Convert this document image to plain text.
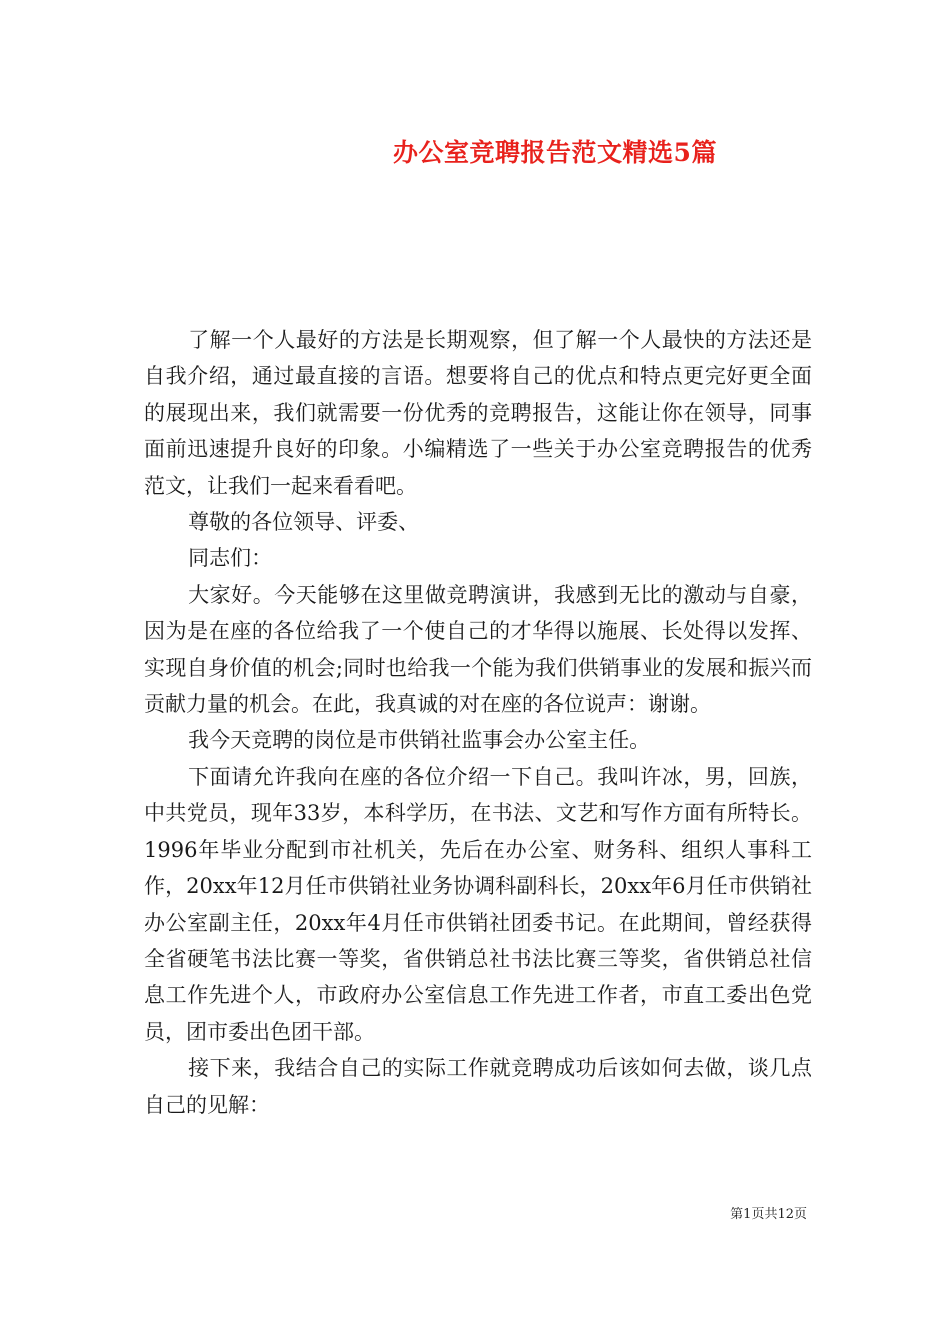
办公室竞聘报告范文精选5篇

了解一个人最好的方法是长期观察，但了解一个人最快的方法还是自我介绍，通过最直接的言语。想要将自己的优点和特点更完好更全面的展现出来，我们就需要一份优秀的竞聘报告，这能让你在领导，同事面前迅速提升良好的印象。小编精选了一些关于办公室竞聘报告的优秀范文，让我们一起来看看吧。

尊敬的各位领导、评委、

同志们：

大家好。今天能够在这里做竞聘演讲，我感到无比的激动与自豪，因为是在座的各位给我了一个使自己的才华得以施展、长处得以发挥、实现自身价值的机会;同时也给我一个能为我们供销事业的发展和振兴而贡献力量的机会。在此，我真诚的对在座的各位说声：谢谢。

我今天竞聘的岗位是市供销社监事会办公室主任。

下面请允许我向在座的各位介绍一下自己。我叫许冰，男，回族，中共党员，现年33岁，本科学历，在书法、文艺和写作方面有所特长。1996年毕业分配到市社机关，先后在办公室、财务科、组织人事科工作，20xx年12月任市供销社业务协调科副科长，20xx年6月任市供销社办公室副主任，20xx年4月任市供销社团委书记。在此期间，曾经获得全省硬笔书法比赛一等奖，省供销总社书法比赛三等奖，省供销总社信息工作先进个人，市政府办公室信息工作先进工作者，市直工委出色党员，团市委出色团干部。

接下来，我结合自己的实际工作就竞聘成功后该如何去做，谈几点自己的见解：

第1页共12页
